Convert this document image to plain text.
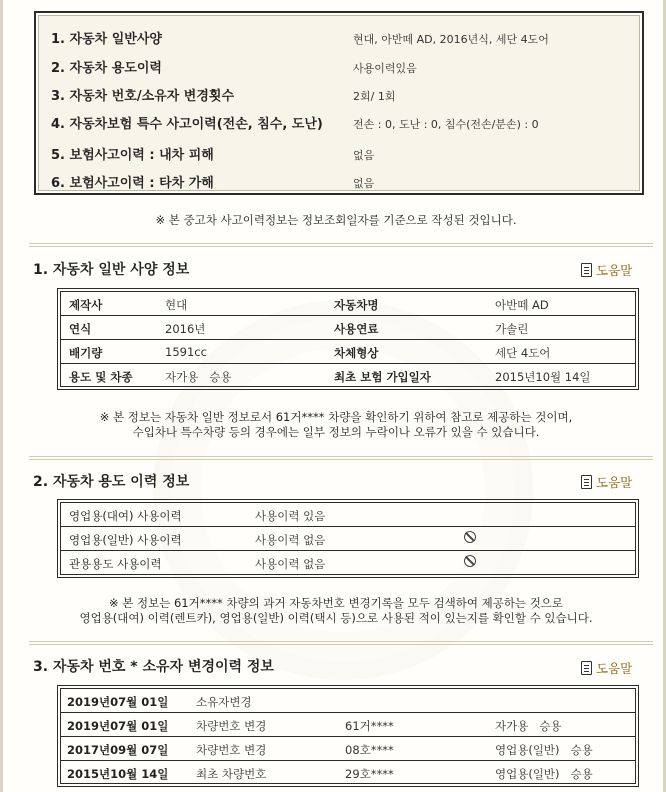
1. 자동차 일반사양	현대, 아반떼 AD, 2016년식, 세단 4도어
2. 자동차 용도이력	사용이력있음
3. 자동차 번호/소유자 변경횟수	2회/ 1회
4. 자동차보험 특수 사고이력(전손, 침수, 도난)	전손 : 0, 도난 : 0, 침수(전손/분손) : 0
5. 보험사고이력 : 내차 피해	없음
6. 보험사고이력 : 타차 가해	없음
※ 본 중고차 사고이력정보는 정보조회일자를 기준으로 작성된 것입니다.
1. 자동차 일반 사양 정보	도움말
제작사	현대	자동차명	아반떼 AD
연식	2016년	사용연료	가솔린
배기량	1591cc	차체형상	세단 4도어
용도 및 차종	자가용   승용	최초 보험 가입일자	2015년10월 14일
※ 본 정보는 자동차 일반 정보로서 61거**** 차량을 확인하기 위하여 참고로 제공하는 것이며,
수입차나 특수차량 등의 경우에는 일부 정보의 누락이나 오류가 있을 수 있습니다.
2. 자동차 용도 이력 정보	도움말
영업용(대여) 사용이력	사용이력 있음
영업용(일반) 사용이력	사용이력 없음
관용용도 사용이력	사용이력 없음
※ 본 정보는 61거**** 차량의 과거 자동차번호 변경기록을 모두 검색하여 제공하는 것으로
영업용(대여) 이력(렌트카), 영업용(일반) 이력(택시 등)으로 사용된 적이 있는지를 확인할 수 있습니다.
3. 자동차 번호 * 소유자 변경이력 정보	도움말
2019년07월 01일 소유자변경
2019년07월 01일 차량번호 변경	61거****	자가용   승용
2017년09월 07일 차량번호 변경	08호****	영업용(일반)   승용
2015년10월 14일 최초 차량번호	29호****	영업용(일반)   승용
